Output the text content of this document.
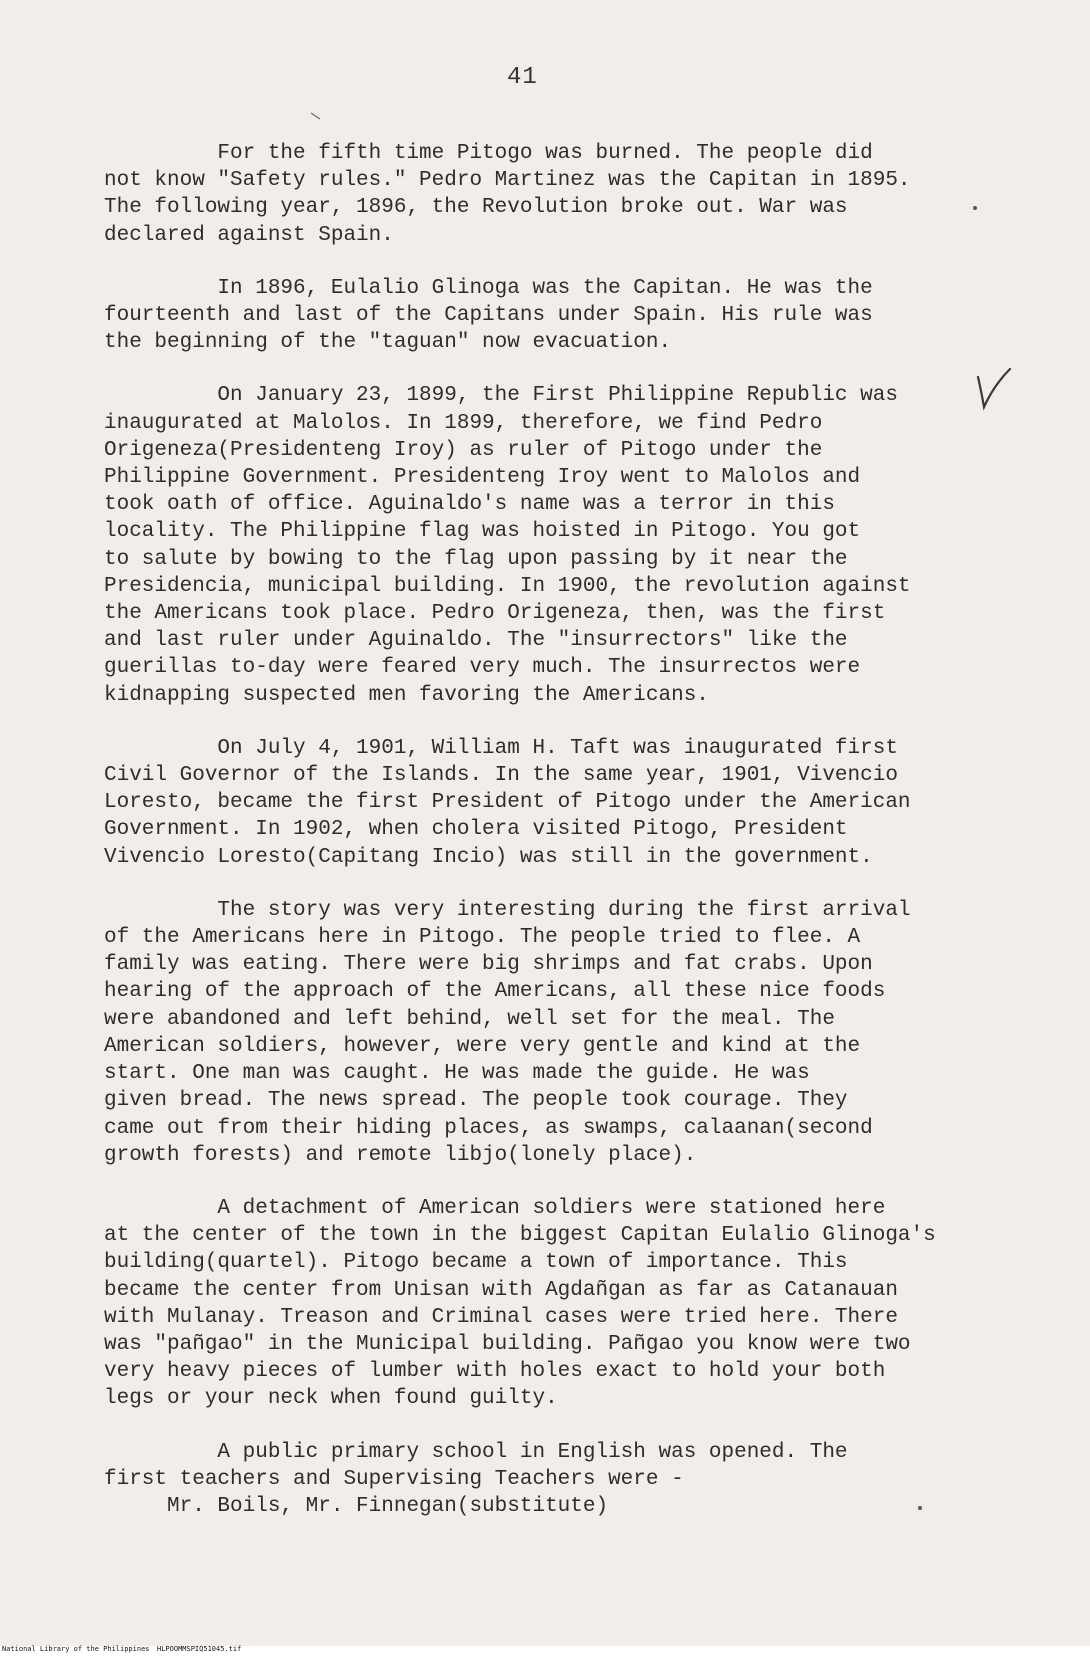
41
For the fifth time Pitogo was burned. The people did
not know "Safety rules." Pedro Martinez was the Capitan in 1895.
The following year, 1896, the Revolution broke out. War was
declared against Spain.
In 1896, Eulalio Glinoga was the Capitan. He was the
fourteenth and last of the Capitans under Spain. His rule was
the beginning of the "taguan" now evacuation.
On January 23, 1899, the First Philippine Republic was
inaugurated at Malolos. In 1899, therefore, we find Pedro
Origeneza(Presidenteng Iroy) as ruler of Pitogo under the
Philippine Government. Presidenteng Iroy went to Malolos and
took oath of office. Aguinaldo's name was a terror in this
locality. The Philippine flag was hoisted in Pitogo. You got
to salute by bowing to the flag upon passing by it near the
Presidencia, municipal building. In 1900, the revolution against
the Americans took place. Pedro Origeneza, then, was the first
and last ruler under Aguinaldo. The "insurrectors" like the
guerillas to-day were feared very much. The insurrectos were
kidnapping suspected men favoring the Americans.
On July 4, 1901, William H. Taft was inaugurated first
Civil Governor of the Islands. In the same year, 1901, Vivencio
Loresto, became the first President of Pitogo under the American
Government. In 1902, when cholera visited Pitogo, President
Vivencio Loresto(Capitang Incio) was still in the government.
The story was very interesting during the first arrival
of the Americans here in Pitogo. The people tried to flee. A
family was eating. There were big shrimps and fat crabs. Upon
hearing of the approach of the Americans, all these nice foods
were abandoned and left behind, well set for the meal. The
American soldiers, however, were very gentle and kind at the
start. One man was caught. He was made the guide. He was
given bread. The news spread. The people took courage. They
came out from their hiding places, as swamps, calaanan(second
growth forests) and remote libjo(lonely place).
A detachment of American soldiers were stationed here
at the center of the town in the biggest Capitan Eulalio Glinoga's
building(quartel). Pitogo became a town of importance. This
became the center from Unisan with Agdañgan as far as Catanauan
with Mulanay. Treason and Criminal cases were tried here. There
was "pañgao" in the Municipal building. Pañgao you know were two
very heavy pieces of lumber with holes exact to hold your both
legs or your neck when found guilty.
A public primary school in English was opened. The
first teachers and Supervising Teachers were -
Mr. Boils, Mr. Finnegan(substitute)
National Library of the Philippines HLPOOMMSPIQ51045.tif
